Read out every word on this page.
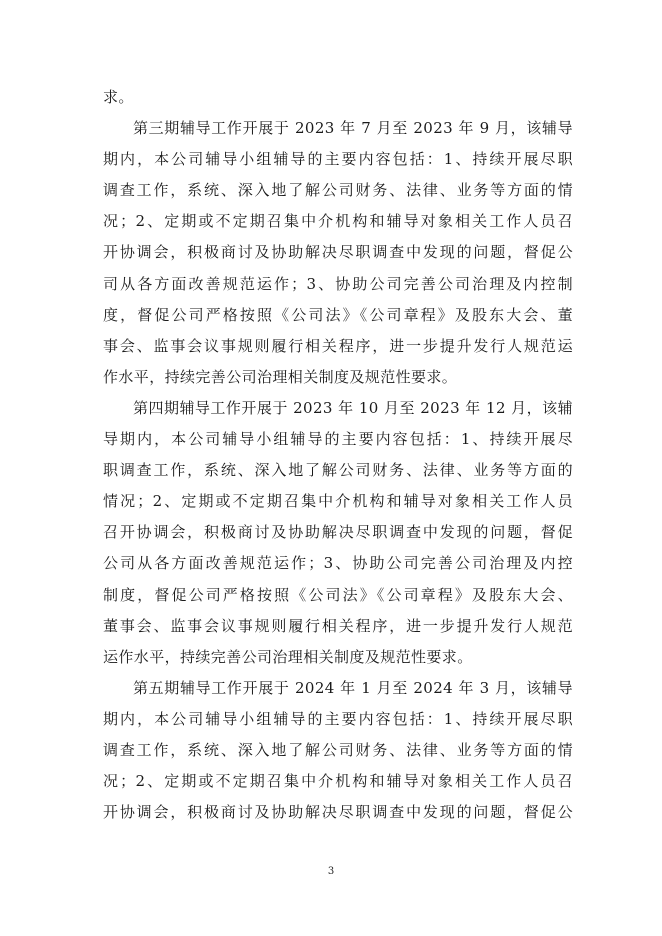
求。
第三期辅导工作开展于 2023 年 7 月至 2023 年 9 月，该辅导
期内，本公司辅导小组辅导的主要内容包括：1、持续开展尽职
调查工作，系统、深入地了解公司财务、法律、业务等方面的情
况；2、定期或不定期召集中介机构和辅导对象相关工作人员召
开协调会，积极商讨及协助解决尽职调查中发现的问题，督促公
司从各方面改善规范运作；3、协助公司完善公司治理及内控制
度，督促公司严格按照《公司法》《公司章程》及股东大会、董
事会、监事会议事规则履行相关程序，进一步提升发行人规范运
作水平，持续完善公司治理相关制度及规范性要求。
第四期辅导工作开展于 2023 年 10 月至 2023 年 12 月，该辅
导期内，本公司辅导小组辅导的主要内容包括：1、持续开展尽
职调查工作，系统、深入地了解公司财务、法律、业务等方面的
情况；2、定期或不定期召集中介机构和辅导对象相关工作人员
召开协调会，积极商讨及协助解决尽职调查中发现的问题，督促
公司从各方面改善规范运作；3、协助公司完善公司治理及内控
制度，督促公司严格按照《公司法》《公司章程》及股东大会、
董事会、监事会议事规则履行相关程序，进一步提升发行人规范
运作水平，持续完善公司治理相关制度及规范性要求。
第五期辅导工作开展于 2024 年 1 月至 2024 年 3 月，该辅导
期内，本公司辅导小组辅导的主要内容包括：1、持续开展尽职
调查工作，系统、深入地了解公司财务、法律、业务等方面的情
况；2、定期或不定期召集中介机构和辅导对象相关工作人员召
开协调会，积极商讨及协助解决尽职调查中发现的问题，督促公
3
